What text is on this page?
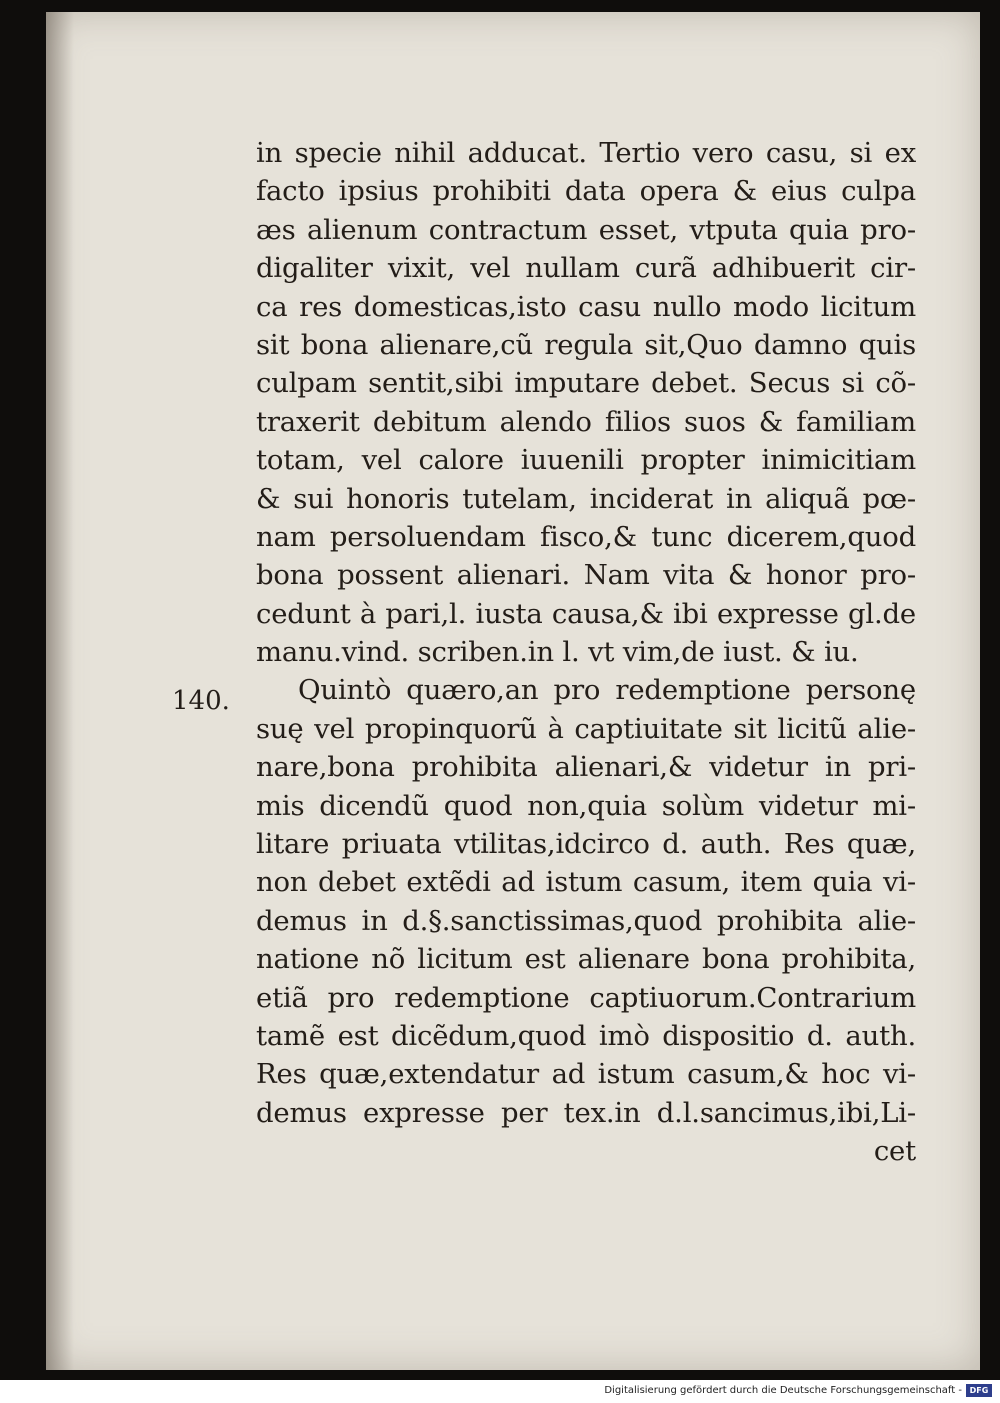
140.
in specie nihil adducat. Tertio vero casu, si ex
facto ipsius prohibiti data opera & eius culpa
æs alienum contractum esset, vtputa quia pro-
digaliter vixit, vel nullam curã adhibuerit cir-
ca res domesticas,isto casu nullo modo licitum
sit bona alienare,cũ regula sit,Quo damno quis
culpam sentit,sibi imputare debet. Secus si cõ-
traxerit debitum alendo filios suos & familiam
totam, vel calore iuuenili propter inimicitiam
& sui honoris tutelam, inciderat in aliquã pœ-
nam persoluendam fisco,& tunc dicerem,quod
bona possent alienari. Nam vita & honor pro-
cedunt à pari,l. iusta causa,& ibi expresse gl.de
manu.vind. scriben.in l. vt vim,de iust. & iu.
Quintò quæro,an pro redemptione personę
suę vel propinquorũ à captiuitate sit licitũ alie-
nare,bona prohibita alienari,& videtur in pri-
mis dicendũ quod non,quia solùm videtur mi-
litare priuata vtilitas,idcirco d. auth. Res quæ,
non debet extẽdi ad istum casum, item quia vi-
demus in d.§.sanctissimas,quod prohibita alie-
natione nõ licitum est alienare bona prohibita,
etiã pro redemptione captiuorum.Contrarium
tamẽ est dicẽdum,quod imò dispositio d. auth.
Res quæ,extendatur ad istum casum,& hoc vi-
demus expresse per tex.in d.l.sancimus,ibi,Li-
cet
Digitalisierung gefördert durch die Deutsche Forschungsgemeinschaft - DFG
